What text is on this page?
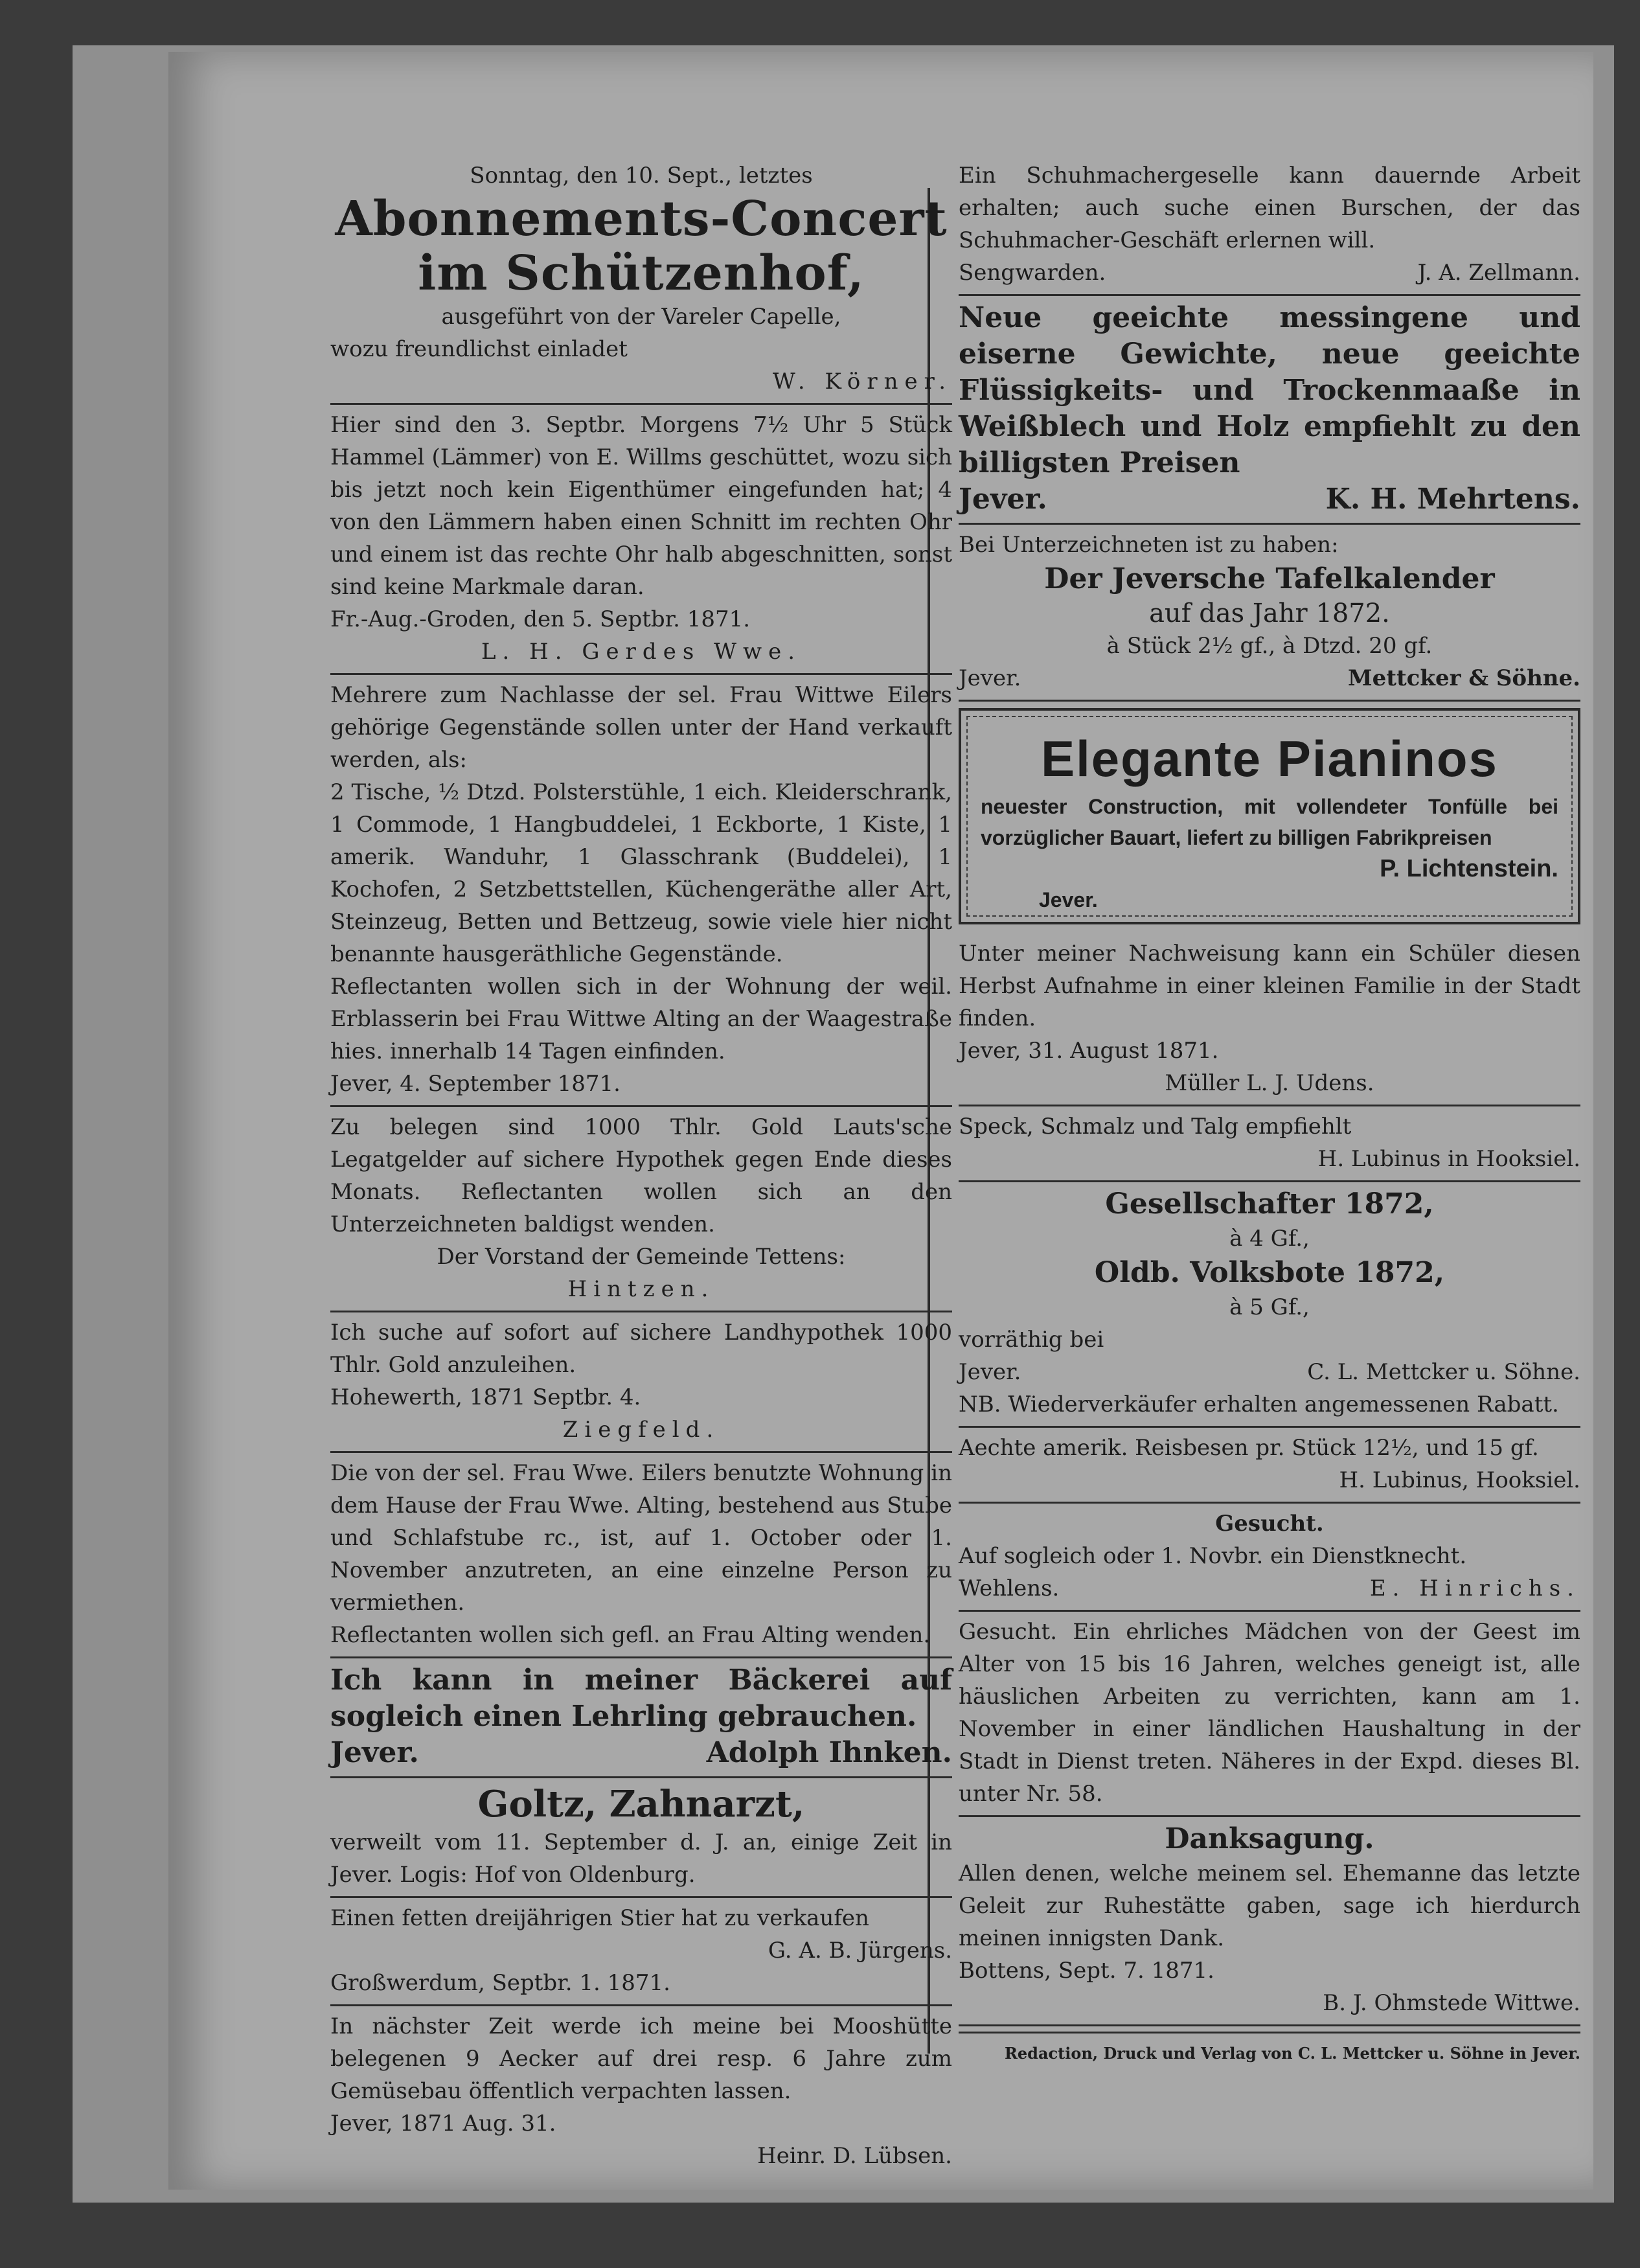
Sonntag, den 10. Sept., letztes

Abonnements-Concert
im Schützenhof,

ausgeführt von der Vareler Capelle,

wozu freundlichst einladet

W. Körner.

Hier sind den 3. Septbr. Morgens 7½ Uhr 5 Stück Hammel (Lämmer) von E. Willms geschüttet, wozu sich bis jetzt noch kein Eigenthümer eingefunden hat; 4 von den Lämmern haben einen Schnitt im rechten Ohr und einem ist das rechte Ohr halb abgeschnitten, sonst sind keine Markmale daran.

Fr.-Aug.-Groden, den 5. Septbr. 1871.

L. H. Gerdes Wwe.

Mehrere zum Nachlasse der sel. Frau Wittwe Eilers gehörige Gegenstände sollen unter der Hand verkauft werden, als:

2 Tische, ½ Dtzd. Polsterstühle, 1 eich. Kleiderschrank, 1 Commode, 1 Hangbuddelei, 1 Eckborte, 1 Kiste, 1 amerik. Wanduhr, 1 Glasschrank (Buddelei), 1 Kochofen, 2 Setzbettstellen, Küchengeräthe aller Art, Steinzeug, Betten und Bettzeug, sowie viele hier nicht benannte hausgeräthliche Gegenstände.

Reflectanten wollen sich in der Wohnung der weil. Erblasserin bei Frau Wittwe Alting an der Waagestraße hies. innerhalb 14 Tagen einfinden.

Jever, 4. September 1871.

Zu belegen sind 1000 Thlr. Gold Lauts'sche Legatgelder auf sichere Hypothek gegen Ende dieses Monats. Reflectanten wollen sich an den Unterzeichneten baldigst wenden.

Der Vorstand der Gemeinde Tettens:

Hintzen.

Ich suche auf sofort auf sichere Landhypothek 1000 Thlr. Gold anzuleihen.

Hohewerth, 1871 Septbr. 4.

Ziegfeld.

Die von der sel. Frau Wwe. Eilers benutzte Wohnung in dem Hause der Frau Wwe. Alting, bestehend aus Stube und Schlafstube rc., ist, auf 1. October oder 1. November anzutreten, an eine einzelne Person zu vermiethen.

Reflectanten wollen sich gefl. an Frau Alting wenden.

Ich kann in meiner Bäckerei auf sogleich einen Lehrling gebrauchen.

Jever.	Adolph Ihnken.
Goltz, Zahnarzt,

verweilt vom 11. September d. J. an, einige Zeit in Jever. Logis: Hof von Oldenburg.

Einen fetten dreijährigen Stier hat zu verkaufen

G. A. B. Jürgens.

Großwerdum, Septbr. 1. 1871.

In nächster Zeit werde ich meine bei Mooshütte belegenen 9 Aecker auf drei resp. 6 Jahre zum Gemüsebau öffentlich verpachten lassen.

Jever, 1871 Aug. 31.

Heinr. D. Lübsen.

Ein Schuhmachergeselle kann dauernde Arbeit erhalten; auch suche einen Burschen, der das Schuhmacher-Geschäft erlernen will.

Sengwarden.	J. A. Zellmann.

Neue geeichte messingene und eiserne Gewichte, neue geeichte Flüssigkeits- und Trockenmaaße in Weißblech und Holz empfiehlt zu den billigsten Preisen

Jever.	K. H. Mehrtens.

Bei Unterzeichneten ist zu haben:

Der Jeversche Tafelkalender

auf das Jahr 1872.

à Stück 2½ gf., à Dtzd. 20 gf.

Jever.	Mettcker & Söhne.
Elegante Pianinos

neuester Construction, mit vollendeter Tonfülle bei vorzüglicher Bauart, liefert zu billigen Fabrikpreisen

P. Lichtenstein.

Jever.

Unter meiner Nachweisung kann ein Schüler diesen Herbst Aufnahme in einer kleinen Familie in der Stadt finden.

Jever, 31. August 1871.

Müller L. J. Udens.

Speck, Schmalz und Talg empfiehlt

H. Lubinus in Hooksiel.

Gesellschafter 1872,

à 4 Gf.,

Oldb. Volksbote 1872,

à 5 Gf.,

vorräthig bei

Jever.	C. L. Mettcker u. Söhne.

NB. Wiederverkäufer erhalten angemessenen Rabatt.

Aechte amerik. Reisbesen pr. Stück 12½, und 15 gf.

H. Lubinus, Hooksiel.

Gesucht.

Auf sogleich oder 1. Novbr. ein Dienstknecht.

Wehlens.	E. Hinrichs.

Gesucht. Ein ehrliches Mädchen von der Geest im Alter von 15 bis 16 Jahren, welches geneigt ist, alle häuslichen Arbeiten zu verrichten, kann am 1. November in einer ländlichen Haushaltung in der Stadt in Dienst treten. Näheres in der Expd. dieses Bl. unter Nr. 58.

Danksagung.

Allen denen, welche meinem sel. Ehemanne das letzte Geleit zur Ruhestätte gaben, sage ich hierdurch meinen innigsten Dank.

Bottens, Sept. 7. 1871.

B. J. Ohmstede Wittwe.

Redaction, Druck und Verlag von C. L. Mettcker u. Söhne in Jever.
